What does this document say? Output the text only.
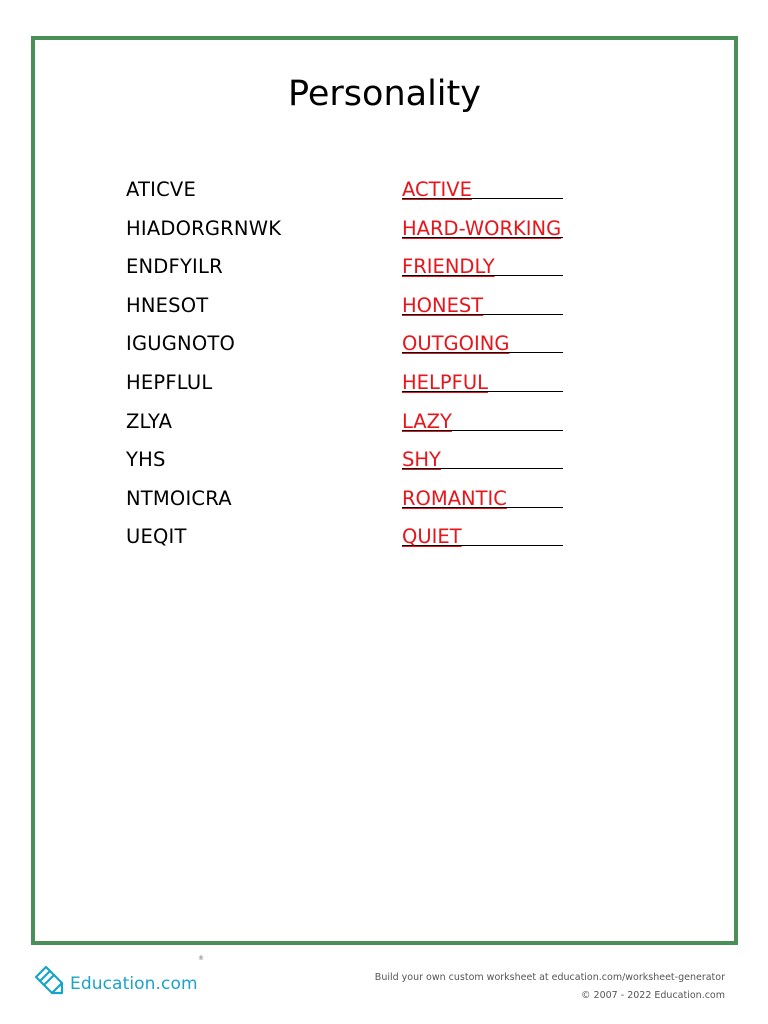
Personality
ATICVE	ACTIVE
HIADORGRNWK	HARD-WORKING
ENDFYILR	FRIENDLY
HNESOT	HONEST
IGUGNOTO	OUTGOING
HEPFLUL	HELPFUL
ZLYA	LAZY
YHS	SHY
NTMOICRA	ROMANTIC
UEQIT	QUIET
Education.com
®
Build your own custom worksheet at education.com/worksheet-generator
© 2007 - 2022 Education.com
